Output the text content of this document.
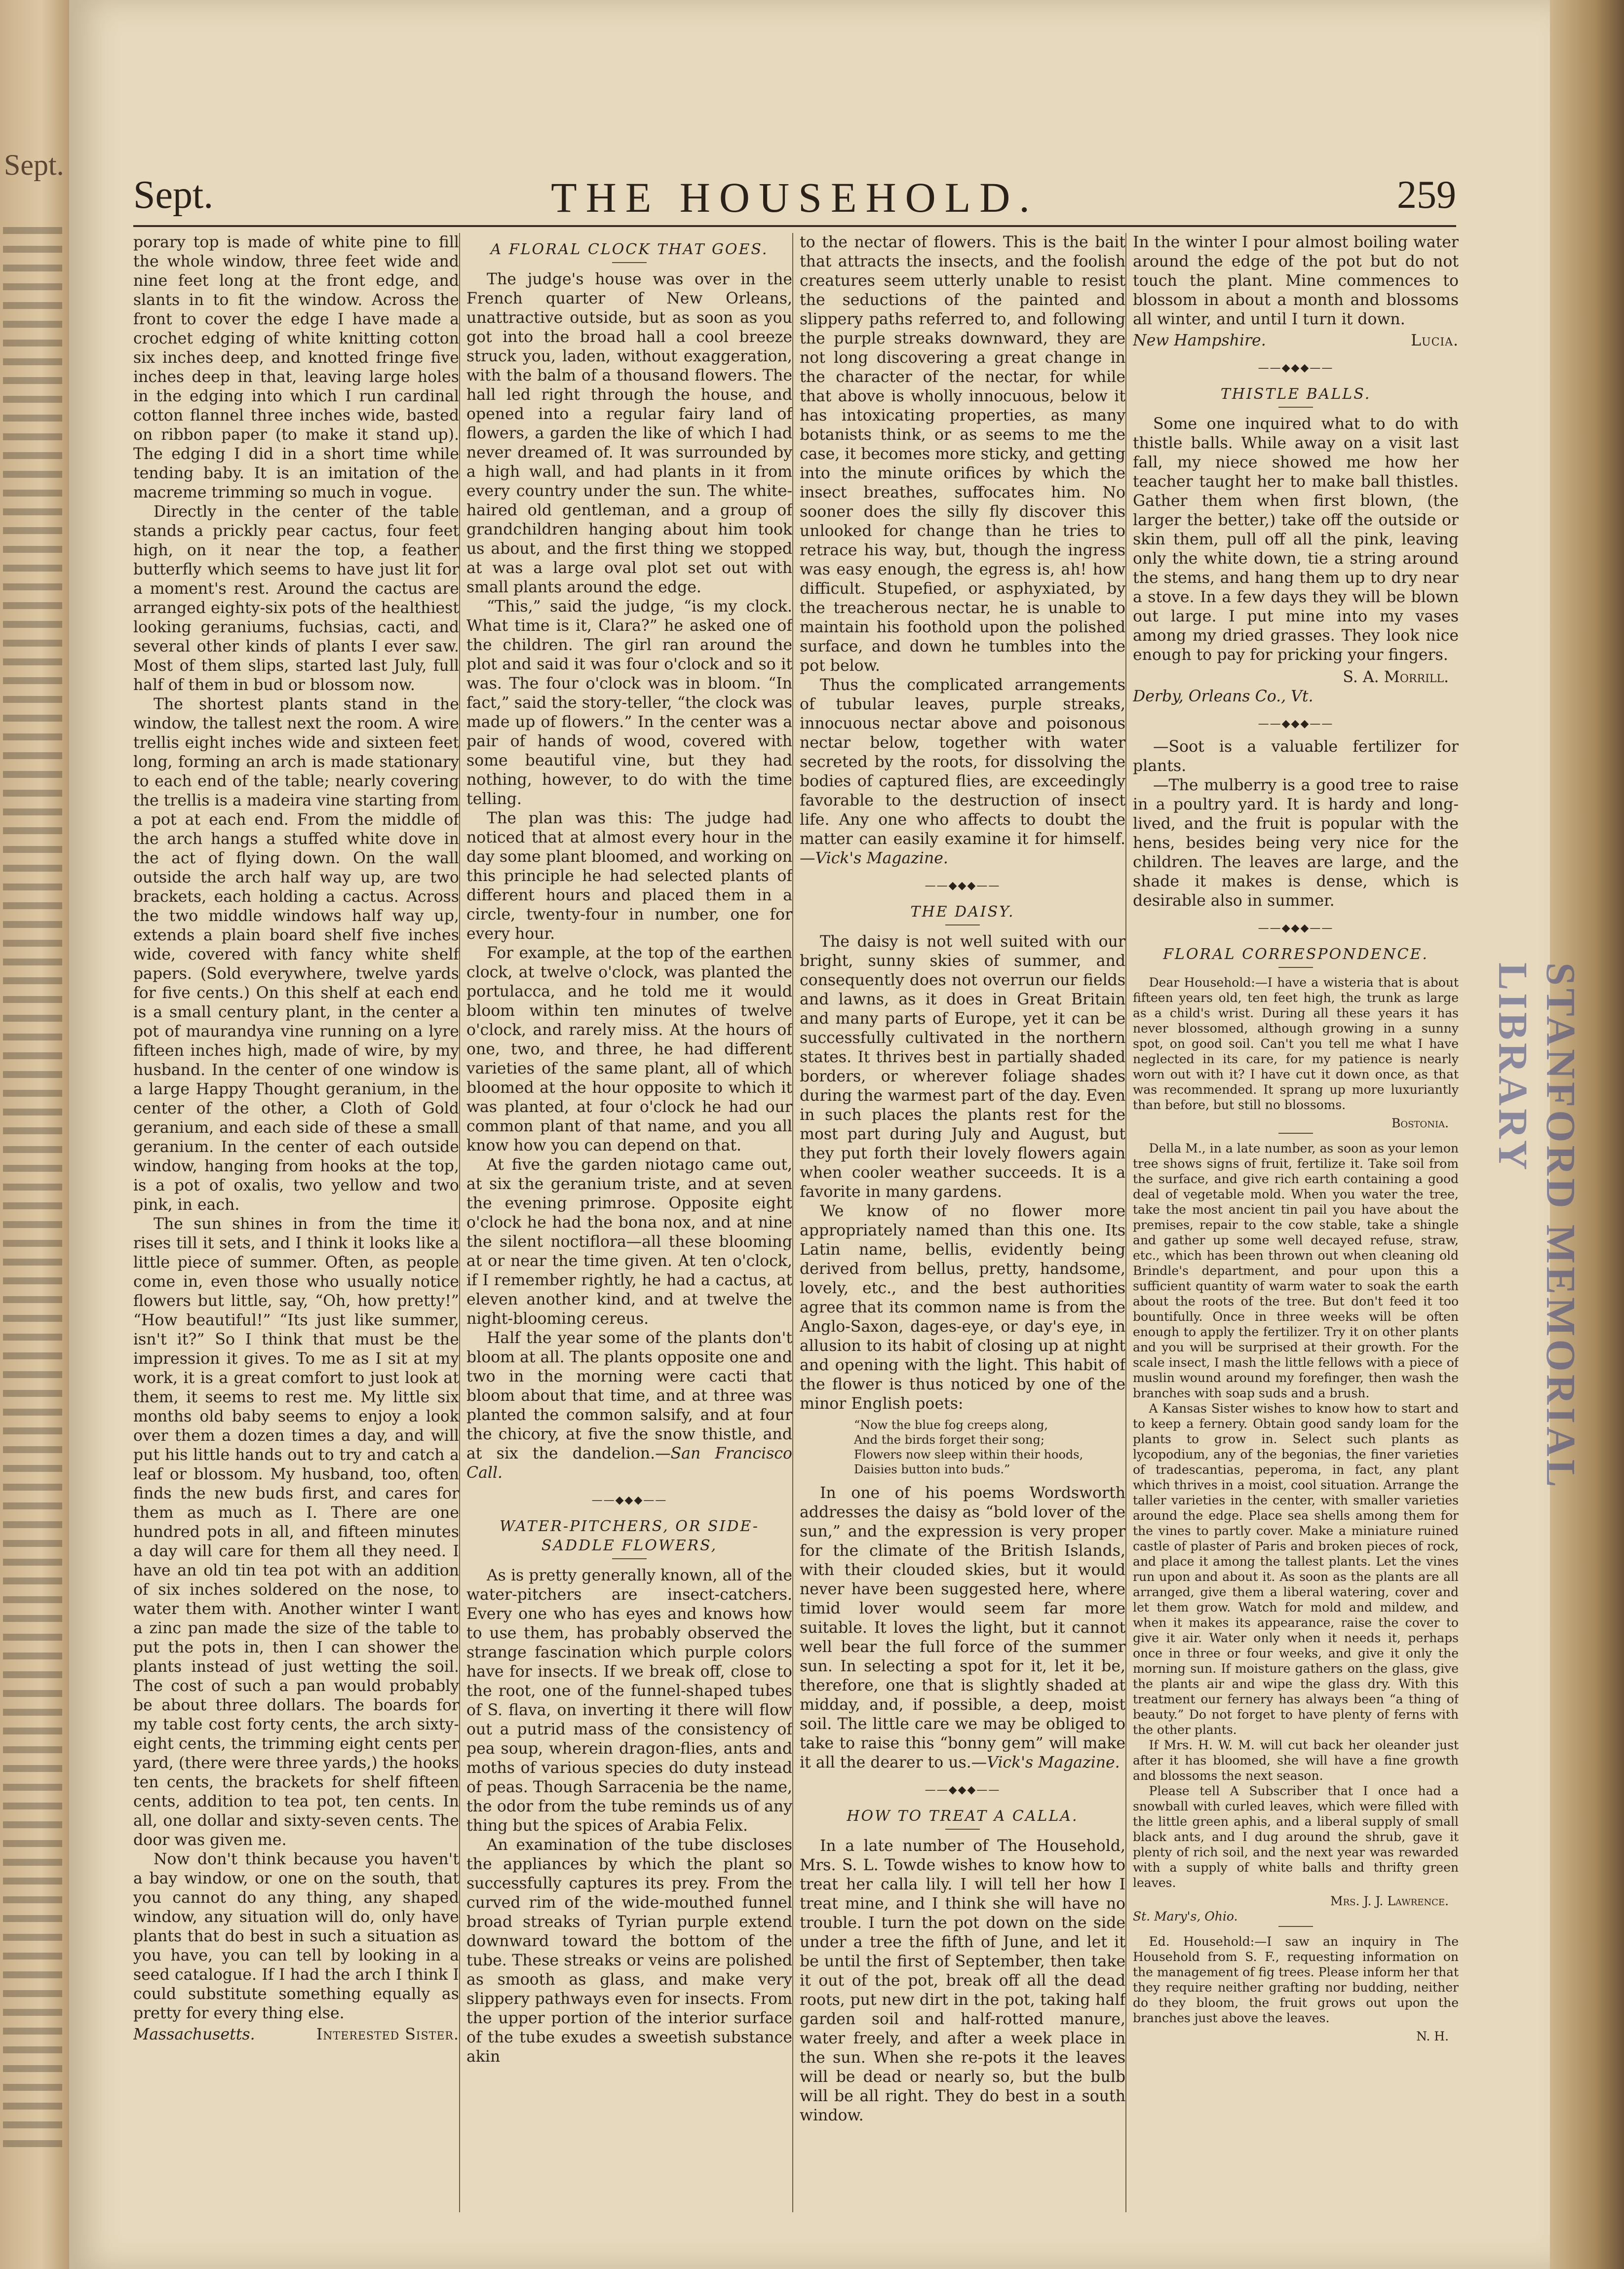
Sept.
STANFORD MEMORIAL LIBRARY
Sept.	THE HOUSEHOLD.	259

porary top is made of white pine to fill the whole window, three feet wide and nine feet long at the front edge, and slants in to fit the window. Across the front to cover the edge I have made a crochet edging of white knitting cotton six inches deep, and knotted fringe five inches deep in that, leaving large holes in the edging into which I run cardinal cotton flannel three inches wide, basted on ribbon paper (to make it stand up). The edging I did in a short time while tending baby. It is an imitation of the macreme trimming so much in vogue.

Directly in the center of the table stands a prickly pear cactus, four feet high, on it near the top, a feather butterfly which seems to have just lit for a moment's rest. Around the cactus are arranged eighty-six pots of the healthiest looking geraniums, fuchsias, cacti, and several other kinds of plants I ever saw. Most of them slips, started last July, full half of them in bud or blossom now.

The shortest plants stand in the window, the tallest next the room. A wire trellis eight inches wide and sixteen feet long, forming an arch is made stationary to each end of the table; nearly covering the trellis is a madeira vine starting from a pot at each end. From the middle of the arch hangs a stuffed white dove in the act of flying down. On the wall outside the arch half way up, are two brackets, each holding a cactus. Across the two middle windows half way up, extends a plain board shelf five inches wide, covered with fancy white shelf papers. (Sold everywhere, twelve yards for five cents.) On this shelf at each end is a small century plant, in the center a pot of maurandya vine running on a lyre fifteen inches high, made of wire, by my husband. In the center of one window is a large Happy Thought geranium, in the center of the other, a Cloth of Gold geranium, and each side of these a small geranium. In the center of each outside window, hanging from hooks at the top, is a pot of oxalis, two yellow and two pink, in each.

The sun shines in from the time it rises till it sets, and I think it looks like a little piece of summer. Often, as people come in, even those who usually notice flowers but little, say, “Oh, how pretty!” “How beautiful!” “Its just like summer, isn't it?” So I think that must be the impression it gives. To me as I sit at my work, it is a great comfort to just look at them, it seems to rest me. My little six months old baby seems to enjoy a look over them a dozen times a day, and will put his little hands out to try and catch a leaf or blossom. My husband, too, often finds the new buds first, and cares for them as much as I. There are one hundred pots in all, and fifteen minutes a day will care for them all they need. I have an old tin tea pot with an addition of six inches soldered on the nose, to water them with. Another winter I want a zinc pan made the size of the table to put the pots in, then I can shower the plants instead of just wetting the soil. The cost of such a pan would probably be about three dollars. The boards for my table cost forty cents, the arch sixty-eight cents, the trimming eight cents per yard, (there were three yards,) the hooks ten cents, the brackets for shelf fifteen cents, addition to tea pot, ten cents. In all, one dollar and sixty-seven cents. The door was given me.

Now don't think because you haven't a bay window, or one on the south, that you cannot do any thing, any shaped window, any situation will do, only have plants that do best in such a situation as you have, you can tell by looking in a seed catalogue. If I had the arch I think I could substitute something equally as pretty for every thing else.

Massachusetts.	Interested Sister.
A FLORAL CLOCK THAT GOES.

The judge's house was over in the French quarter of New Orleans, unattractive outside, but as soon as you got into the broad hall a cool breeze struck you, laden, without exaggeration, with the balm of a thousand flowers. The hall led right through the house, and opened into a regular fairy land of flowers, a garden the like of which I had never dreamed of. It was surrounded by a high wall, and had plants in it from every country under the sun. The white-haired old gentleman, and a group of grandchildren hanging about him took us about, and the first thing we stopped at was a large oval plot set out with small plants around the edge.

“This,” said the judge, “is my clock. What time is it, Clara?” he asked one of the children. The girl ran around the plot and said it was four o'clock and so it was. The four o'clock was in bloom. “In fact,” said the story-teller, “the clock was made up of flowers.” In the center was a pair of hands of wood, covered with some beautiful vine, but they had nothing, however, to do with the time telling.

The plan was this: The judge had noticed that at almost every hour in the day some plant bloomed, and working on this principle he had selected plants of different hours and placed them in a circle, twenty-four in number, one for every hour.

For example, at the top of the earthen clock, at twelve o'clock, was planted the portulacca, and he told me it would bloom within ten minutes of twelve o'clock, and rarely miss. At the hours of one, two, and three, he had different varieties of the same plant, all of which bloomed at the hour opposite to which it was planted, at four o'clock he had our common plant of that name, and you all know how you can depend on that.

At five the garden niotago came out, at six the geranium triste, and at seven the evening primrose. Opposite eight o'clock he had the bona nox, and at nine the silent noctiflora—all these blooming at or near the time given. At ten o'clock, if I remember rightly, he had a cactus, at eleven another kind, and at twelve the night-blooming cereus.

Half the year some of the plants don't bloom at all. The plants opposite one and two in the morning were cacti that bloom about that time, and at three was planted the common salsify, and at four the chicory, at five the snow thistle, and at six the dandelion.—San Francisco Call.

——◆◆◆——
WATER-PITCHERS, OR SIDE-SADDLE FLOWERS,

As is pretty generally known, all of the water-pitchers are insect-catchers. Every one who has eyes and knows how to use them, has probably observed the strange fascination which purple colors have for insects. If we break off, close to the root, one of the funnel-shaped tubes of S. flava, on inverting it there will flow out a putrid mass of the consistency of pea soup, wherein dragon-flies, ants and moths of various species do duty instead of peas. Though Sarracenia be the name, the odor from the tube reminds us of any thing but the spices of Arabia Felix.

An examination of the tube discloses the appliances by which the plant so successfully captures its prey. From the curved rim of the wide-mouthed funnel broad streaks of Tyrian purple extend downward toward the bottom of the tube. These streaks or veins are polished as smooth as glass, and make very slippery pathways even for insects. From the upper portion of the interior surface of the tube exudes a sweetish substance akin

to the nectar of flowers. This is the bait that attracts the insects, and the foolish creatures seem utterly unable to resist the seductions of the painted and slippery paths referred to, and following the purple streaks downward, they are not long discovering a great change in the character of the nectar, for while that above is wholly innocuous, below it has intoxicating properties, as many botanists think, or as seems to me the case, it becomes more sticky, and getting into the minute orifices by which the insect breathes, suffocates him. No sooner does the silly fly discover this unlooked for change than he tries to retrace his way, but, though the ingress was easy enough, the egress is, ah! how difficult. Stupefied, or asphyxiated, by the treacherous nectar, he is unable to maintain his foothold upon the polished surface, and down he tumbles into the pot below.

Thus the complicated arrangements of tubular leaves, purple streaks, innocuous nectar above and poisonous nectar below, together with water secreted by the roots, for dissolving the bodies of captured flies, are exceedingly favorable to the destruction of insect life. Any one who affects to doubt the matter can easily examine it for himself.—Vick's Magazine.

——◆◆◆——
THE DAISY.

The daisy is not well suited with our bright, sunny skies of summer, and consequently does not overrun our fields and lawns, as it does in Great Britain and many parts of Europe, yet it can be successfully cultivated in the northern states. It thrives best in partially shaded borders, or wherever foliage shades during the warmest part of the day. Even in such places the plants rest for the most part during July and August, but they put forth their lovely flowers again when cooler weather succeeds. It is a favorite in many gardens.

We know of no flower more appropriately named than this one. Its Latin name, bellis, evidently being derived from bellus, pretty, handsome, lovely, etc., and the best authorities agree that its common name is from the Anglo-Saxon, dages-eye, or day's eye, in allusion to its habit of closing up at night and opening with the light. This habit of the flower is thus noticed by one of the minor English poets:

“Now the blue fog creeps along,
And the birds forget their song;
Flowers now sleep within their hoods,
Daisies button into buds.”

In one of his poems Wordsworth addresses the daisy as “bold lover of the sun,” and the expression is very proper for the climate of the British Islands, with their clouded skies, but it would never have been suggested here, where timid lover would seem far more suitable. It loves the light, but it cannot well bear the full force of the summer sun. In selecting a spot for it, let it be, therefore, one that is slightly shaded at midday, and, if possible, a deep, moist soil. The little care we may be obliged to take to raise this “bonny gem” will make it all the dearer to us.—Vick's Magazine.

——◆◆◆——
HOW TO TREAT A CALLA.

In a late number of The Household, Mrs. S. L. Towde wishes to know how to treat her calla lily. I will tell her how I treat mine, and I think she will have no trouble. I turn the pot down on the side under a tree the fifth of June, and let it be until the first of September, then take it out of the pot, break off all the dead roots, put new dirt in the pot, taking half garden soil and half-rotted manure, water freely, and after a week place in the sun. When she re-pots it the leaves will be dead or nearly so, but the bulb will be all right. They do best in a south window.

In the winter I pour almost boiling water around the edge of the pot but do not touch the plant. Mine commences to blossom in about a month and blossoms all winter, and until I turn it down.

New Hampshire.	Lucia.
——◆◆◆——
THISTLE BALLS.

Some one inquired what to do with thistle balls. While away on a visit last fall, my niece showed me how her teacher taught her to make ball thistles. Gather them when first blown, (the larger the better,) take off the outside or skin them, pull off all the pink, leaving only the white down, tie a string around the stems, and hang them up to dry near a stove. In a few days they will be blown out large. I put mine into my vases among my dried grasses. They look nice enough to pay for pricking your fingers.

S. A. Morrill.

Derby, Orleans Co., Vt.

——◆◆◆——

—Soot is a valuable fertilizer for plants.

—The mulberry is a good tree to raise in a poultry yard. It is hardy and long-lived, and the fruit is popular with the hens, besides being very nice for the children. The leaves are large, and the shade it makes is dense, which is desirable also in summer.

——◆◆◆——
FLORAL CORRESPONDENCE.

Dear Household:—I have a wisteria that is about fifteen years old, ten feet high, the trunk as large as a child's wrist. During all these years it has never blossomed, although growing in a sunny spot, on good soil. Can't you tell me what I have neglected in its care, for my patience is nearly worn out with it? I have cut it down once, as that was recommended. It sprang up more luxuriantly than before, but still no blossoms.

Bostonia.

Della M., in a late number, as soon as your lemon tree shows signs of fruit, fertilize it. Take soil from the surface, and give rich earth containing a good deal of vegetable mold. When you water the tree, take the most ancient tin pail you have about the premises, repair to the cow stable, take a shingle and gather up some well decayed refuse, straw, etc., which has been thrown out when cleaning old Brindle's department, and pour upon this a sufficient quantity of warm water to soak the earth about the roots of the tree. But don't feed it too bountifully. Once in three weeks will be often enough to apply the fertilizer. Try it on other plants and you will be surprised at their growth. For the scale insect, I mash the little fellows with a piece of muslin wound around my forefinger, then wash the branches with soap suds and a brush.

A Kansas Sister wishes to know how to start and to keep a fernery. Obtain good sandy loam for the plants to grow in. Select such plants as lycopodium, any of the begonias, the finer varieties of tradescantias, peperoma, in fact, any plant which thrives in a moist, cool situation. Arrange the taller varieties in the center, with smaller varieties around the edge. Place sea shells among them for the vines to partly cover. Make a miniature ruined castle of plaster of Paris and broken pieces of rock, and place it among the tallest plants. Let the vines run upon and about it. As soon as the plants are all arranged, give them a liberal watering, cover and let them grow. Watch for mold and mildew, and when it makes its appearance, raise the cover to give it air. Water only when it needs it, perhaps once in three or four weeks, and give it only the morning sun. If moisture gathers on the glass, give the plants air and wipe the glass dry. With this treatment our fernery has always been “a thing of beauty.” Do not forget to have plenty of ferns with the other plants.

If Mrs. H. W. M. will cut back her oleander just after it has bloomed, she will have a fine growth and blossoms the next season.

Please tell A Subscriber that I once had a snowball with curled leaves, which were filled with the little green aphis, and a liberal supply of small black ants, and I dug around the shrub, gave it plenty of rich soil, and the next year was rewarded with a supply of white balls and thrifty green leaves.

Mrs. J. J. Lawrence.

St. Mary's, Ohio.

Ed. Household:—I saw an inquiry in The Household from S. F., requesting information on the management of fig trees. Please inform her that they require neither grafting nor budding, neither do they bloom, the fruit grows out upon the branches just above the leaves.

N. H.
